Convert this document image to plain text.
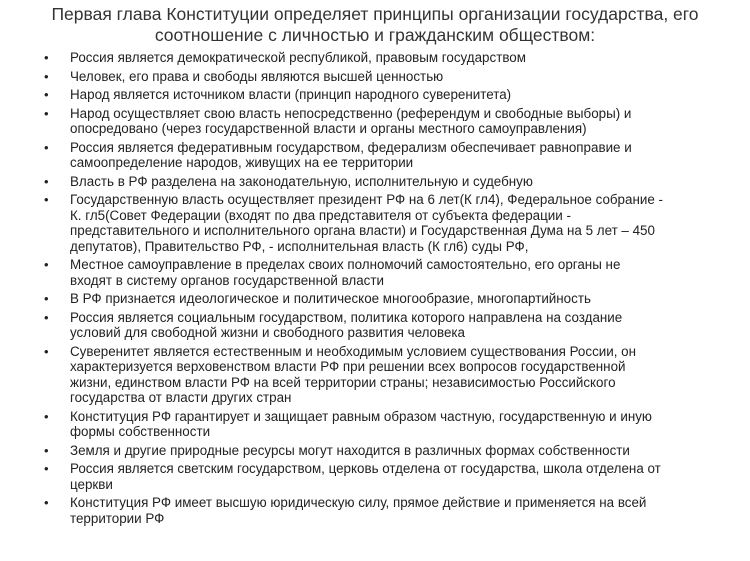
Первая глава Конституции определяет принципы организации государства, его
соотношение с личностью и гражданским обществом:
• Россия является демократической республикой, правовым государством
• Человек, его права и свободы являются высшей ценностью
• Народ является источником власти (принцип народного суверенитета)
• Народ осуществляет свою власть непосредственно (референдум и свободные выборы) и
опосредовано (через государственной власти и органы местного самоуправления)
• Россия является федеративным государством, федерализм обеспечивает равноправие и
самоопределение народов, живущих на ее территории
• Власть в РФ разделена на законодательную, исполнительную и судебную
• Государственную власть осуществляет президент РФ на 6 лет(К гл4), Федеральное собрание -
К. гл5(Совет Федерации (входят по два представителя от субъекта федерации -
представительного и исполнительного органа власти) и Государственная Дума на 5 лет – 450
депутатов), Правительство РФ, - исполнительная власть (К гл6) суды РФ,
• Местное самоуправление в пределах своих полномочий самостоятельно, его органы не
входят в систему органов государственной власти
• В РФ признается идеологическое и политическое многообразие, многопартийность
• Россия является социальным государством, политика которого направлена на создание
условий для свободной жизни и свободного развития человека
• Суверенитет является естественным и необходимым условием существования России, он
характеризуется верховенством власти РФ при решении всех вопросов государственной
жизни, единством власти РФ на всей территории страны; независимостью Российского
государства от власти других стран
• Конституция РФ гарантирует и защищает равным образом частную, государственную и иную
формы собственности
• Земля и другие природные ресурсы могут находится в различных формах собственности
• Россия является светским государством, церковь отделена от государства, школа отделена от
церкви
• Конституция РФ имеет высшую юридическую силу, прямое действие и применяется на всей
территории РФ
